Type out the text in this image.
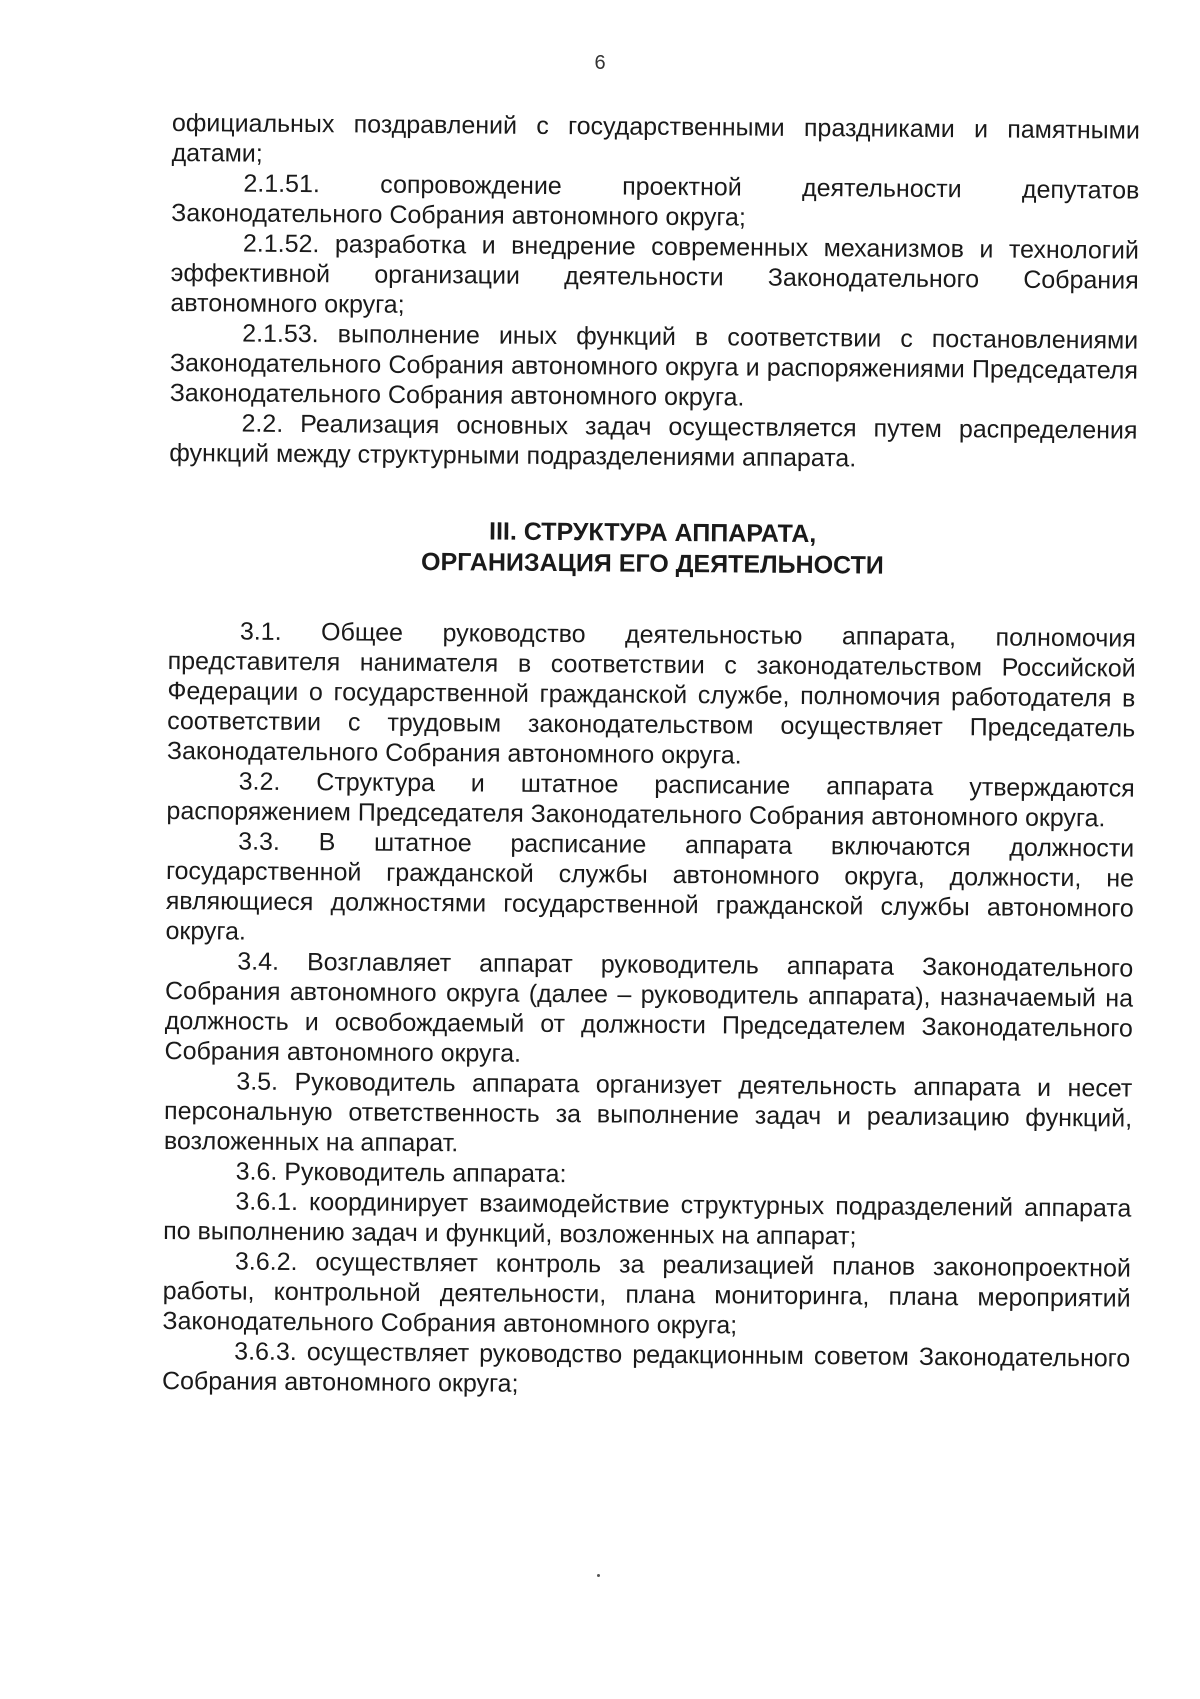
6

официальных поздравлений с государственными праздниками и памятными датами;

2.1.51. сопровождение проектной деятельности депутатов Законодательного Собрания автономного округа;

2.1.52. разработка и внедрение современных механизмов и технологий эффективной организации деятельности Законодательного Собрания автономного округа;

2.1.53. выполнение иных функций в соответствии с постановлениями Законодательного Собрания автономного округа и распоряжениями Председателя Законодательного Собрания автономного округа.

2.2. Реализация основных задач осуществляется путем распределения функций между структурными подразделениями аппарата.

III. СТРУКТУРА АППАРАТА,

ОРГАНИЗАЦИЯ ЕГО ДЕЯТЕЛЬНОСТИ

3.1. Общее руководство деятельностью аппарата, полномочия представителя нанимателя в соответствии с законодательством Российской Федерации о государственной гражданской службе, полномочия работодателя в соответствии с трудовым законодательством осуществляет Председатель Законодательного Собрания автономного округа.

3.2. Структура и штатное расписание аппарата утверждаются распоряжением Председателя Законодательного Собрания автономного округа.

3.3. В штатное расписание аппарата включаются должности государственной гражданской службы автономного округа, должности, не являющиеся должностями государственной гражданской службы автономного округа.

3.4. Возглавляет аппарат руководитель аппарата Законодательного Собрания автономного округа (далее – руководитель аппарата), назначаемый на должность и освобождаемый от должности Председателем Законодательного Собрания автономного округа.

3.5. Руководитель аппарата организует деятельность аппарата и несет персональную ответственность за выполнение задач и реализацию функций, возложенных на аппарат.

3.6. Руководитель аппарата:

3.6.1. координирует взаимодействие структурных подразделений аппарата по выполнению задач и функций, возложенных на аппарат;

3.6.2. осуществляет контроль за реализацией планов законопроектной работы, контрольной деятельности, плана мониторинга, плана мероприятий Законодательного Собрания автономного округа;

3.6.3. осуществляет руководство редакционным советом Законодательного Собрания автономного округа;
